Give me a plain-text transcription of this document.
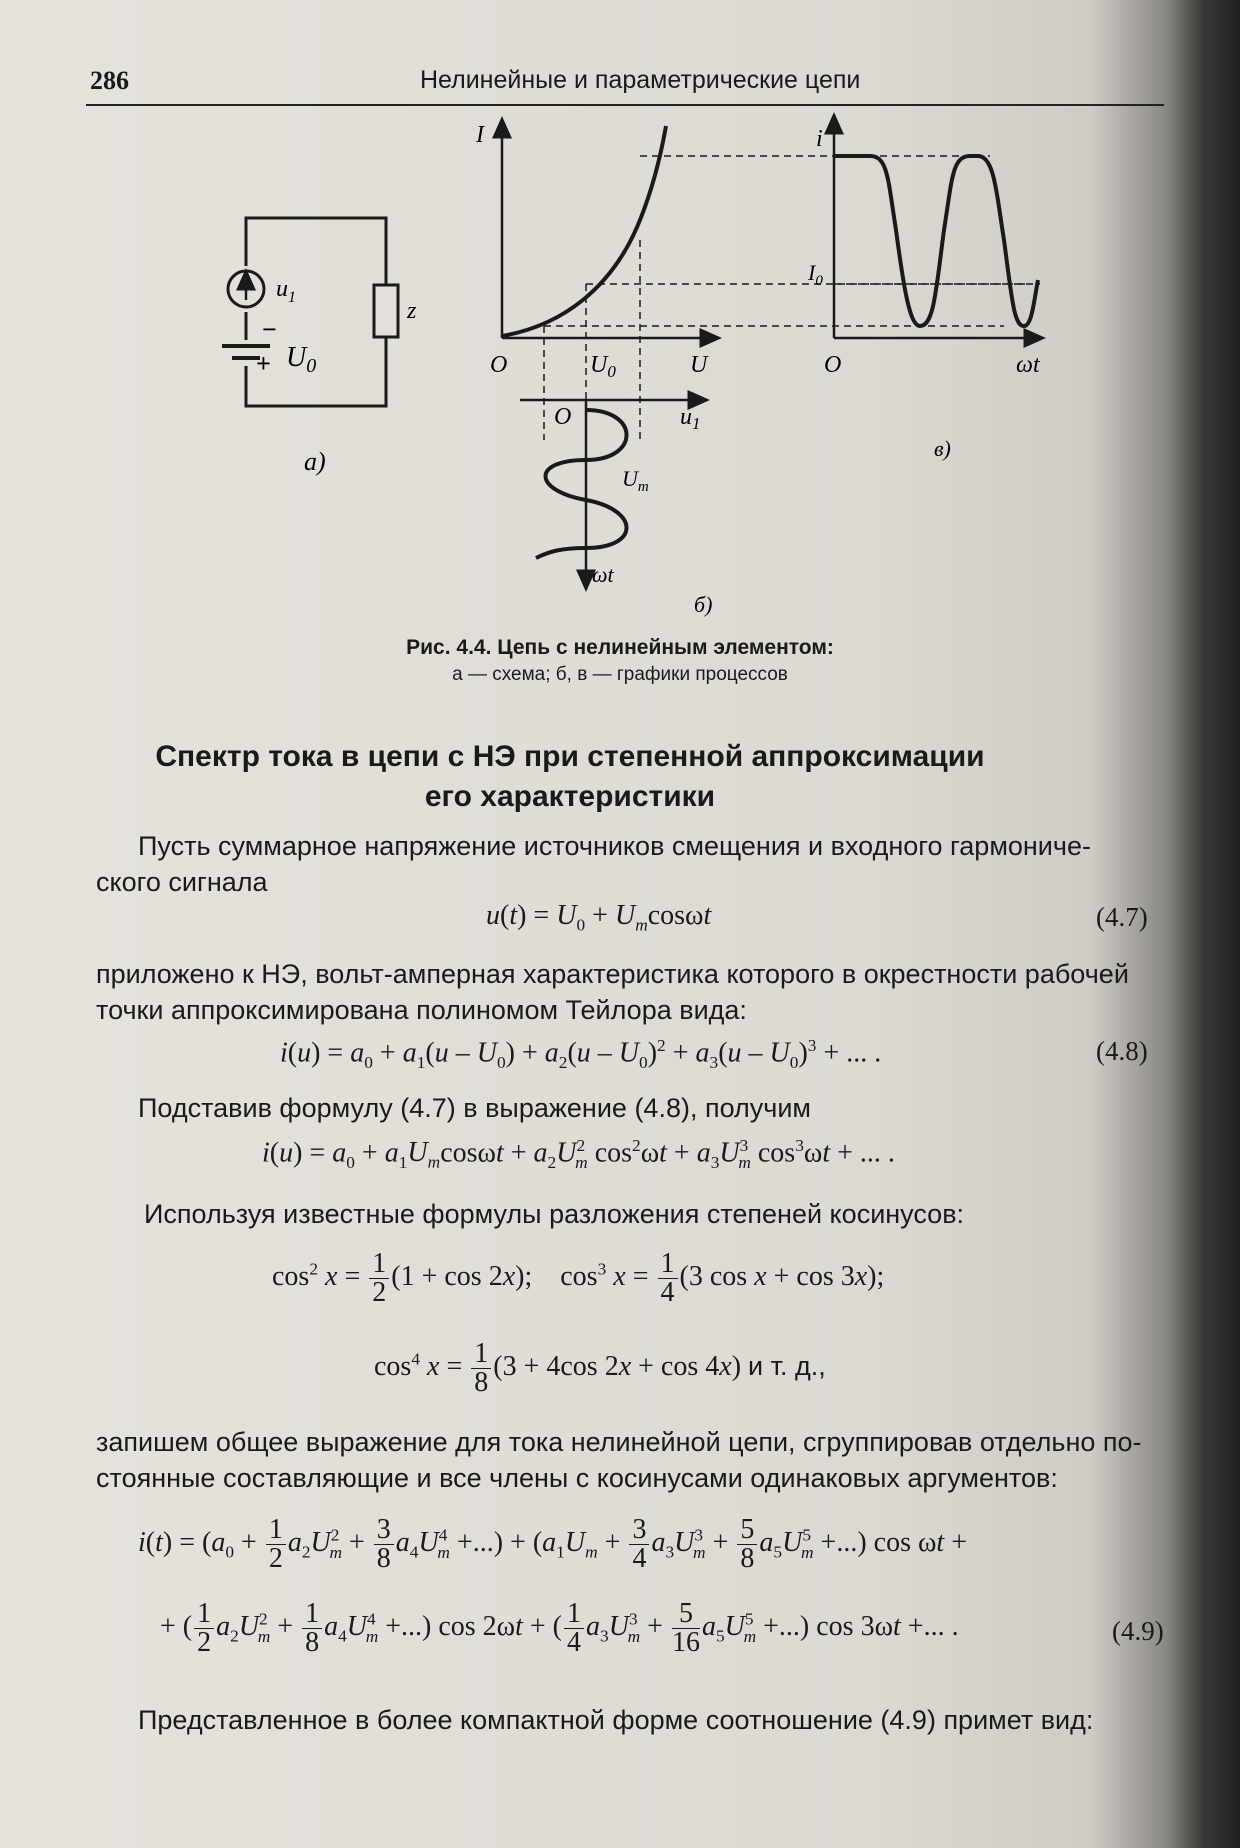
286	Нелинейные и параметрические цепи
$u_1$
$U_0$
z
−
+
а)
I
U
O	$U_0$
O	$u_1$
$U_m$
ωt
б)
i
$I_0$
O	ωt
в)
Рис. 4.4. Цепь с нелинейным элементом:
а — схема; б, в — графики процессов
Спектр тока в цепи с НЭ при степенной аппроксимации
его характеристики
Пусть суммарное напряжение источников смещения и входного гармониче-
ского сигнала
$u(t) = U_0 + U_m\cos\omega t$	(4.7)
приложено к НЭ, вольт-амперная характеристика которого в окрестности рабочей
точки аппроксимирована полиномом Тейлора вида:
$i(u) = a_0 + a_1(u - U_0) + a_2(u - U_0)^2 + a_3(u - U_0)^3$ + ... .	(4.8)
Подставив формулу (4.7) в выражение (4.8), получим
$i(u) = a_0 + a_1U_m\cos\omega t + a_2U^2_m$ $\cos^2\omega t + a_3U^3_m$ $\cos^3\omega t$ + ... .
Используя известные формулы разложения степеней косинусов:
$\cos^2 x = \frac{1}{2} (1 + \cos 2x)$;    $\cos^3 x = \frac{1}{4} (3$ cos x + cos 3x);
$\cos^4 x = \frac{1}{8} (3 + 4\cos$ 2x + cos 4x) и т. д.,
запишем общее выражение для тока нелинейной цепи, сгруппировав отдельно по-
стоянные составляющие и все члены с косинусами одинаковых аргументов:
$i(t) = (a_0 + \frac{1}{2} a_2U^2_m + \frac{3}{8} a_4U^4_m$ +...) + ($a_1U_m + \frac{3}{4} a_3U^3_m + \frac{5}{8} a_5U^5_m$ +...) cos ωt +
+ ( $\frac{1}{2} a_2U^2_m + \frac{1}{8} a_4U^4_m$ +...) cos 2ωt + ( $\frac{1}{4} a_3U^3_m + \frac{5}{16} a_5U^5_m$ +...) cos 3ωt +... .	(4.9)
Представленное в более компактной форме соотношение (4.9) примет вид:
